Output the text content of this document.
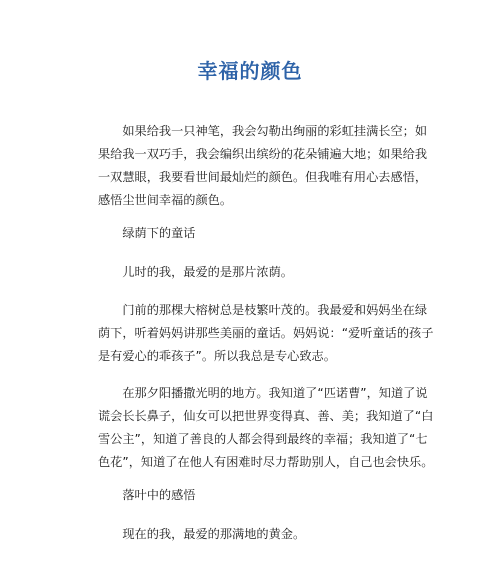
幸福的颜色

　　如果给我一只神笔，我会勾勒出绚丽的彩虹挂满长空；如
果给我一双巧手，我会编织出缤纷的花朵铺遍大地；如果给我
一双慧眼，我要看世间最灿烂的颜色。但我唯有用心去感悟，
感悟尘世间幸福的颜色。

　　绿荫下的童话

　　儿时的我，最爱的是那片浓荫。

　　门前的那棵大榕树总是枝繁叶茂的。我最爱和妈妈坐在绿
荫下，听着妈妈讲那些美丽的童话。妈妈说：“爱听童话的孩子
是有爱心的乖孩子”。所以我总是专心致志。

　　在那夕阳播撒光明的地方。我知道了“匹诺曹”，知道了说
谎会长长鼻子，仙女可以把世界变得真、善、美；我知道了“白
雪公主”，知道了善良的人都会得到最终的幸福；我知道了“七
色花”，知道了在他人有困难时尽力帮助别人，自己也会快乐。

　　落叶中的感悟

　　现在的我，最爱的那满地的黄金。
